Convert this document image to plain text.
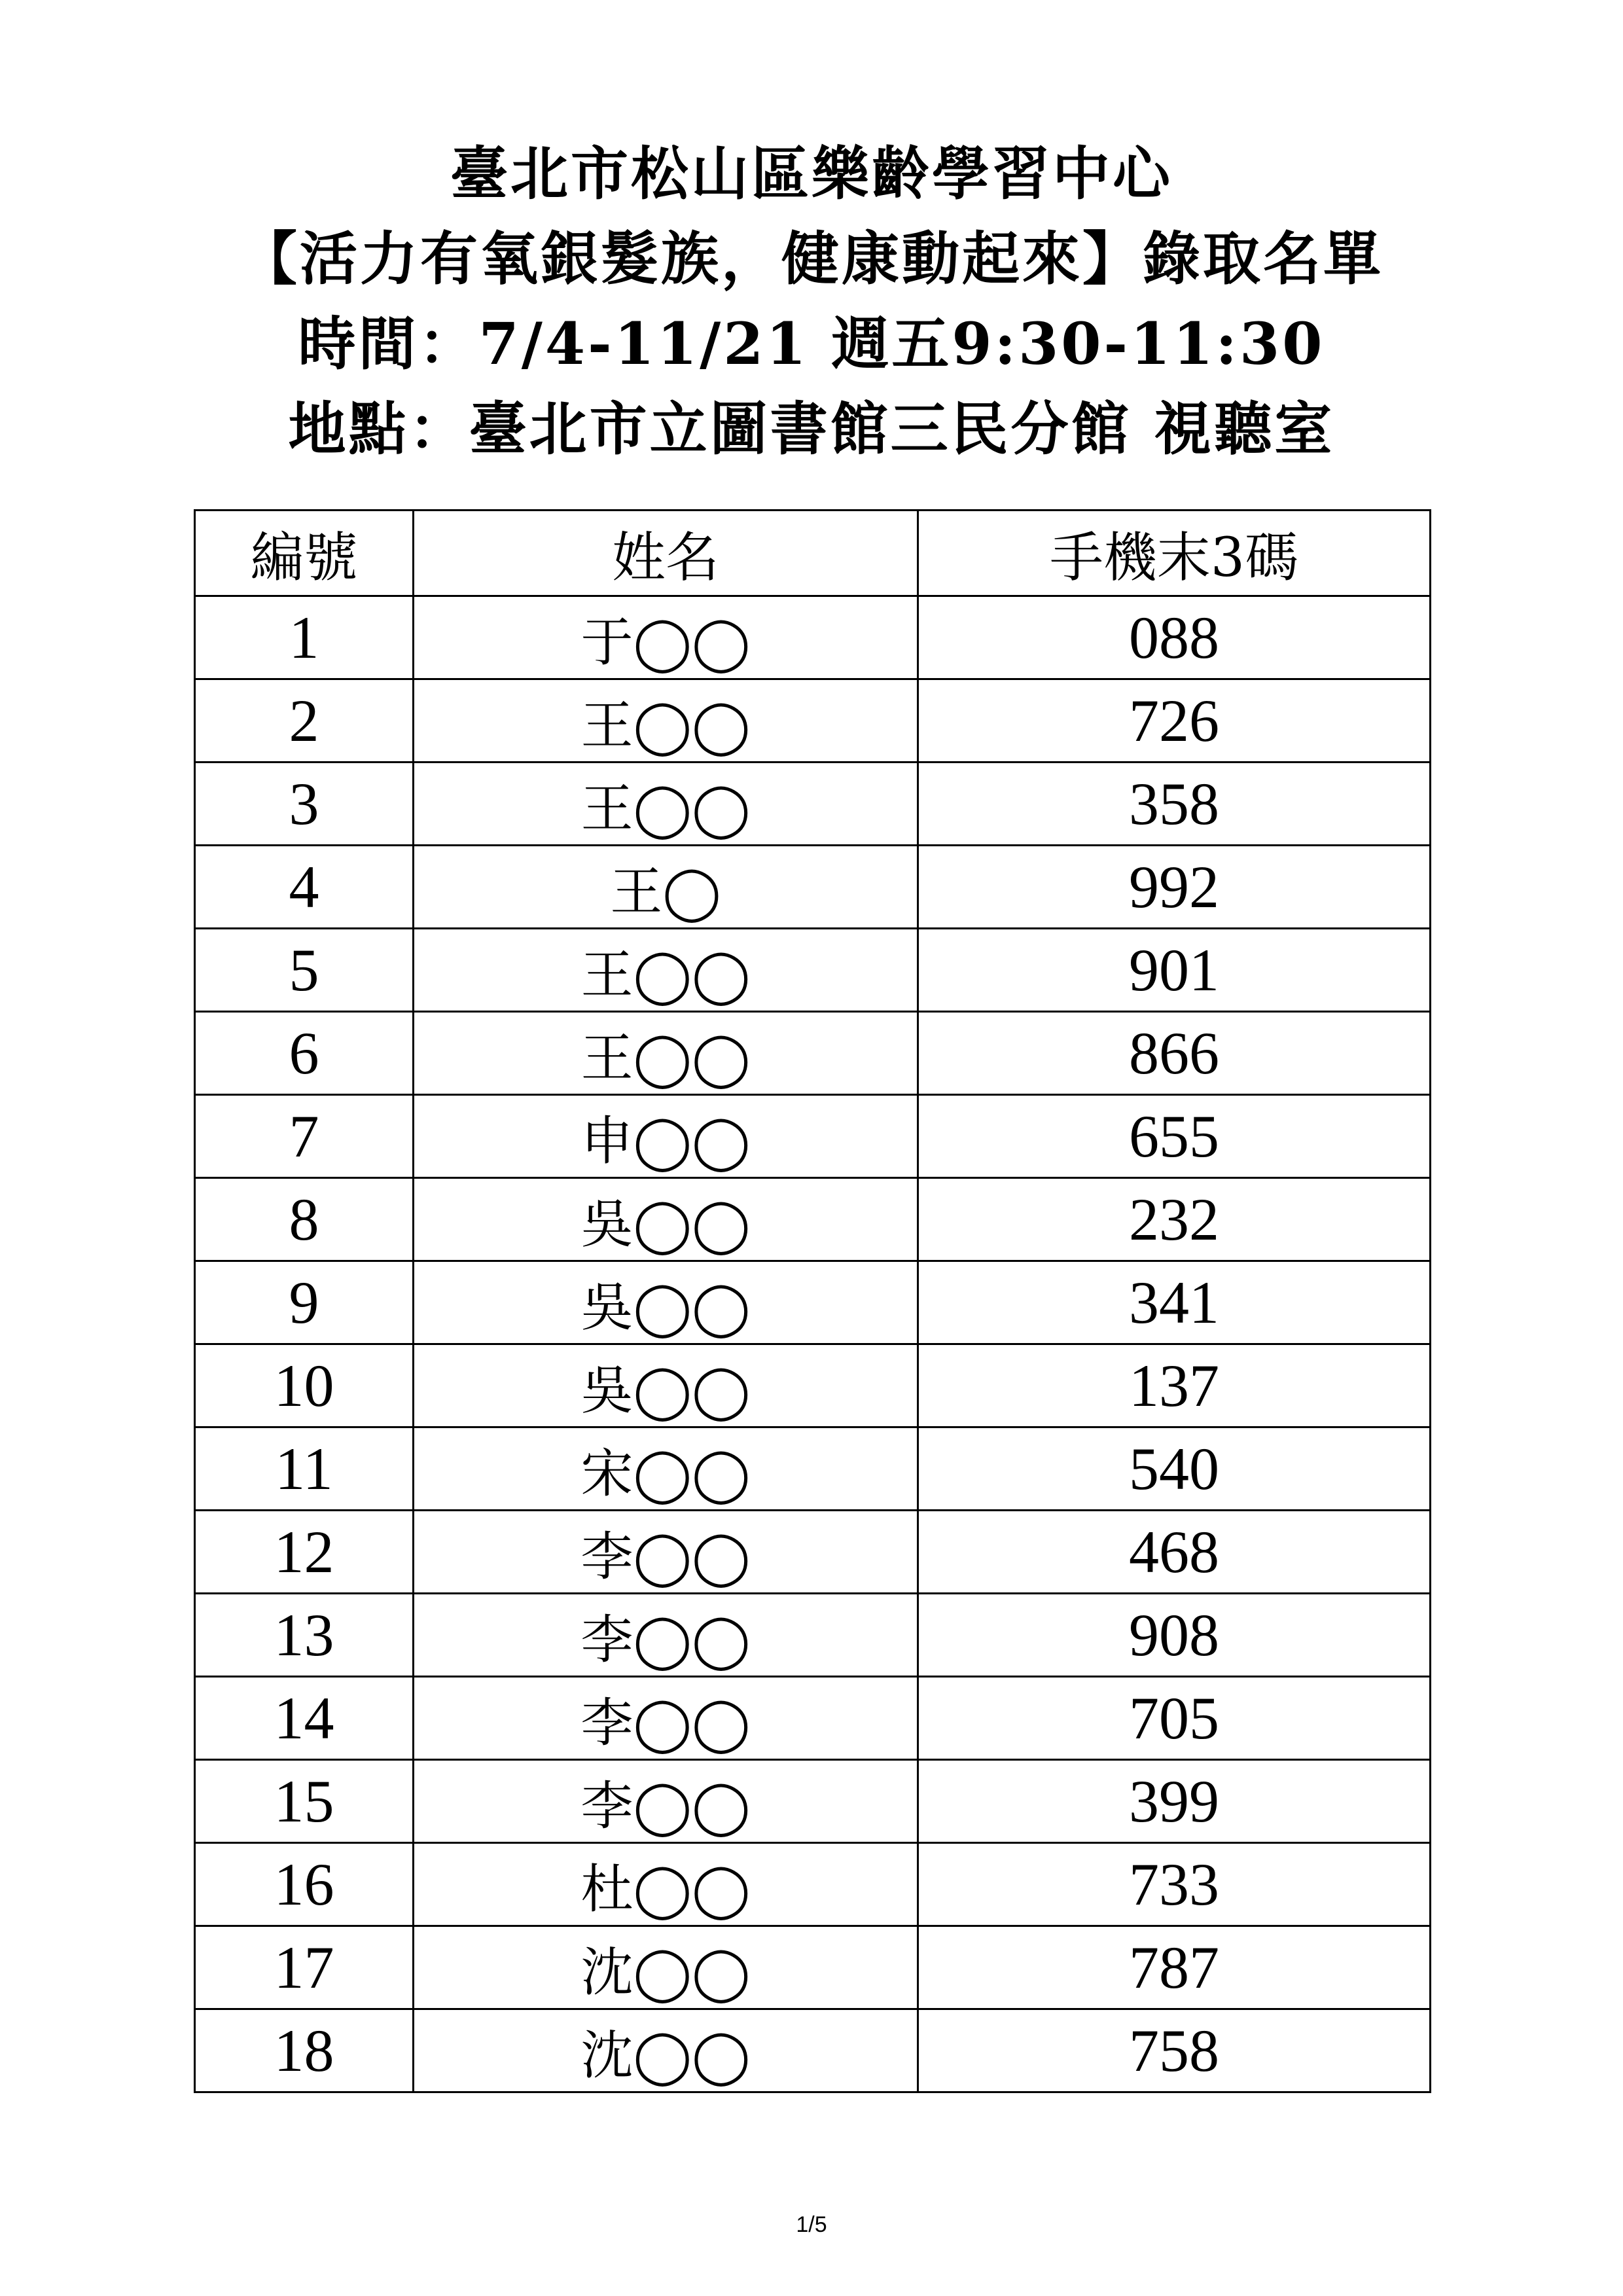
臺北市松山區樂齡學習中心
【活力有氧銀髮族，健康動起來】錄取名單
時間：7/4-11/21 週五9:30-11:30
地點：臺北市立圖書館三民分館 視聽室
編號	姓名	手機末3碼
1	于◯◯	088
2	王◯◯	726
3	王◯◯	358
4	王◯	992
5	王◯◯	901
6	王◯◯	866
7	申◯◯	655
8	吳◯◯	232
9	吳◯◯	341
10	吳◯◯	137
11	宋◯◯	540
12	李◯◯	468
13	李◯◯	908
14	李◯◯	705
15	李◯◯	399
16	杜◯◯	733
17	沈◯◯	787
18	沈◯◯	758
1/5
